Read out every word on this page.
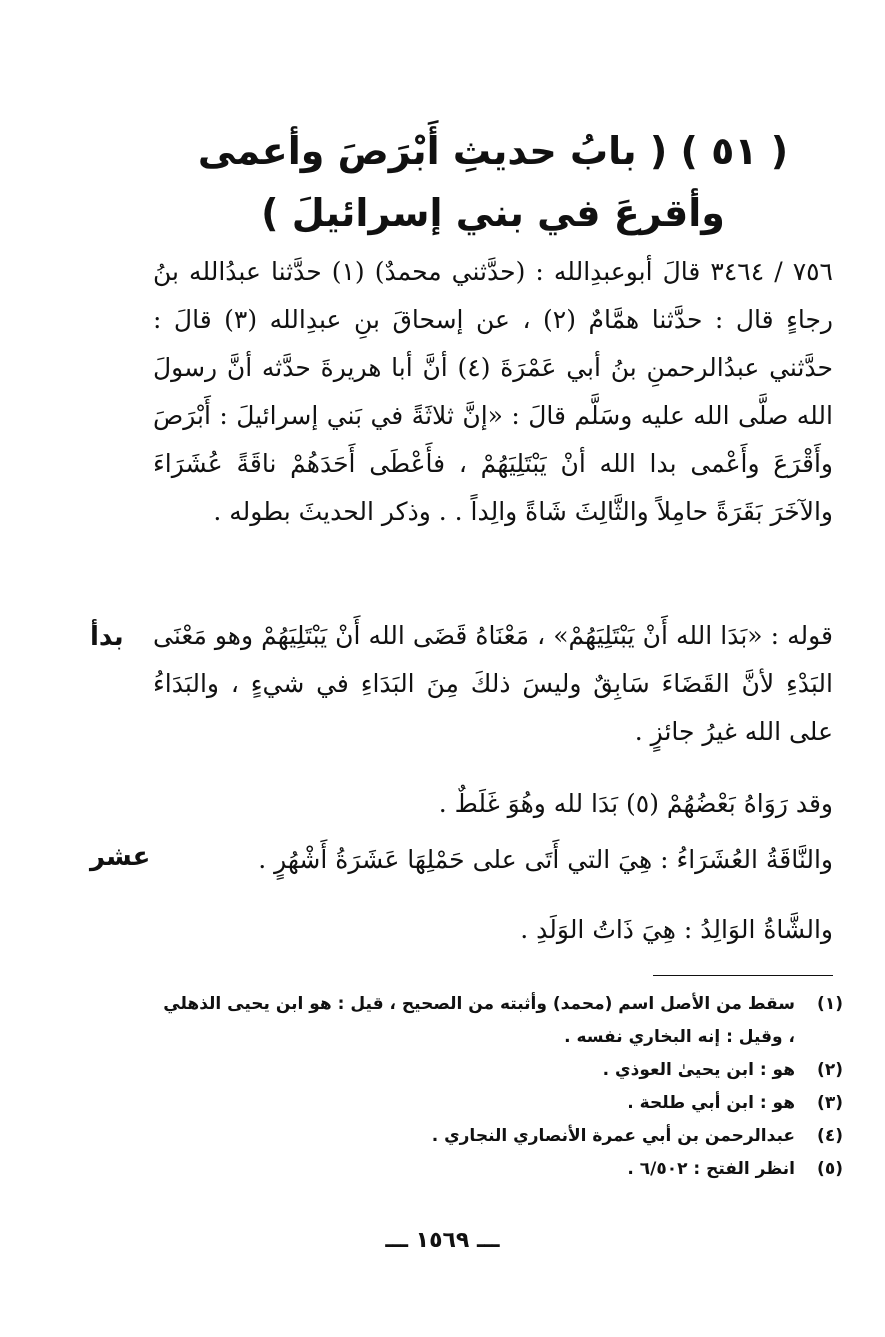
( ٥١ ) ( بابُ حديثِ أَبْرَصَ وأعمى وأقرعَ في بني إسرائيلَ )
٧٥٦ / ٣٤٦٤ قالَ أبوعبدِالله : (حدَّثني محمدٌ) (١) حدَّثنا عبدُالله بنُ رجاءٍ قال : حدَّثنا همَّامٌ (٢) ، عن إسحاقَ بنِ عبدِالله (٣) قالَ : حدَّثني عبدُالرحمنِ بنُ أبي عَمْرَةَ (٤) أنَّ أبا هريرةَ حدَّثه أنَّ رسولَ الله صلَّى الله عليه وسَلَّم قالَ : «إنَّ ثلاثَةً في بَني إسرائيلَ : أَبْرَصَ وأَقْرَعَ وأَعْمى بدا الله أنْ يَبْتَلِيَهُمْ ، فأَعْطَى أَحَدَهُمْ ناقَةً عُشَرَاءَ والآخَرَ بَقَرَةً حامِلاً والثَّالِثَ شَاةً والِداً . . وذكر الحديثَ بطوله .
بدأ قوله : «بَدَا الله أَنْ يَبْتَلِيَهُمْ» ، مَعْنَاهُ قَضَى الله أَنْ يَبْتَلِيَهُمْ وهو مَعْنَى البَدْءِ لأنَّ القَضَاءَ سَابِقٌ وليسَ ذلكَ مِنَ البَدَاءِ في شيءٍ ، والبَدَاءُ على الله غيرُ جائزٍ .
وقد رَوَاهُ بَعْضُهُمْ (٥) بَدَا لله وهُوَ غَلَطٌ .
عشر	والنَّاقَةُ العُشَرَاءُ : هِيَ التي أَتَى على حَمْلِهَا عَشَرَةُ أَشْهُرٍ .
والشَّاةُ الوَالِدُ : هِيَ ذَاتُ الوَلَدِ .
(١)
سقط من الأصل اسم (محمد) وأثبته من الصحيح ، قيل : هو ابن يحيى الذهلي ، وقيل : إنه البخاري نفسه .
(٢)
هو : ابن يحيىٰ العوذي .
(٣)
هو : ابن أبي طلحة .
(٤)
عبدالرحمن بن أبي عمرة الأنصاري النجاري .
(٥)
انظر الفتح : ٦/٥٠٢ .
ـــ ١٥٦٩ ـــ
